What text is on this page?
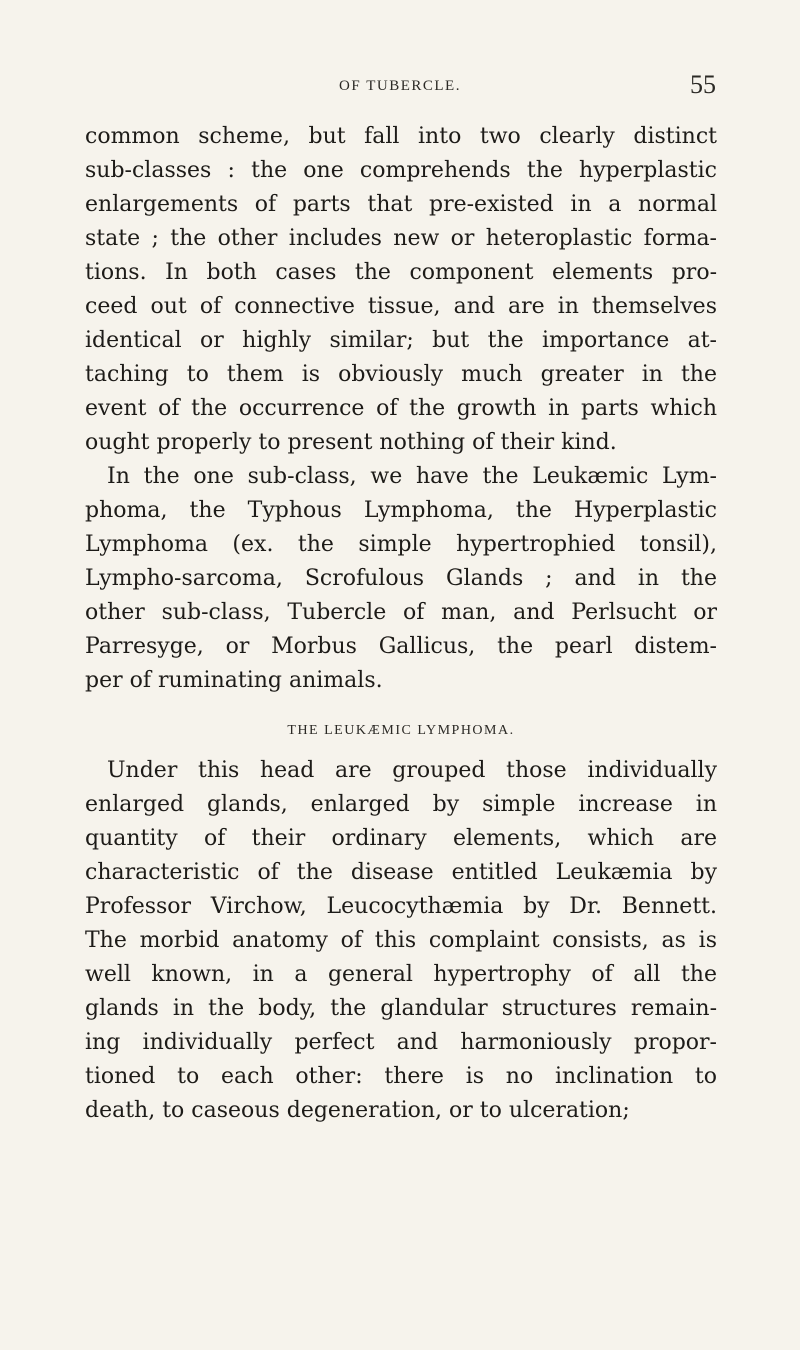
OF TUBERCLE.	55
common scheme, but fall into two clearly distinct
sub-classes : the one comprehends the hyperplastic
enlargements of parts that pre-existed in a normal
state ; the other includes new or heteroplastic forma-
tions. In both cases the component elements pro-
ceed out of connective tissue, and are in themselves
identical or highly similar; but the importance at-
taching to them is obviously much greater in the
event of the occurrence of the growth in parts which
ought properly to present nothing of their kind.
In the one sub-class, we have the Leukæmic Lym-
phoma, the Typhous Lymphoma, the Hyperplastic
Lymphoma (ex. the simple hypertrophied tonsil),
Lympho-sarcoma, Scrofulous Glands ; and in the
other sub-class, Tubercle of man, and Perlsucht or
Parresyge, or Morbus Gallicus, the pearl distem-
per of ruminating animals.
THE LEUKÆMIC LYMPHOMA.
Under this head are grouped those individually
enlarged glands, enlarged by simple increase in
quantity of their ordinary elements, which are
characteristic of the disease entitled Leukæmia by
Professor Virchow, Leucocythæmia by Dr. Bennett.
The morbid anatomy of this complaint consists, as is
well known, in a general hypertrophy of all the
glands in the body, the glandular structures remain-
ing individually perfect and harmoniously propor-
tioned to each other: there is no inclination to
death, to caseous degeneration, or to ulceration;
